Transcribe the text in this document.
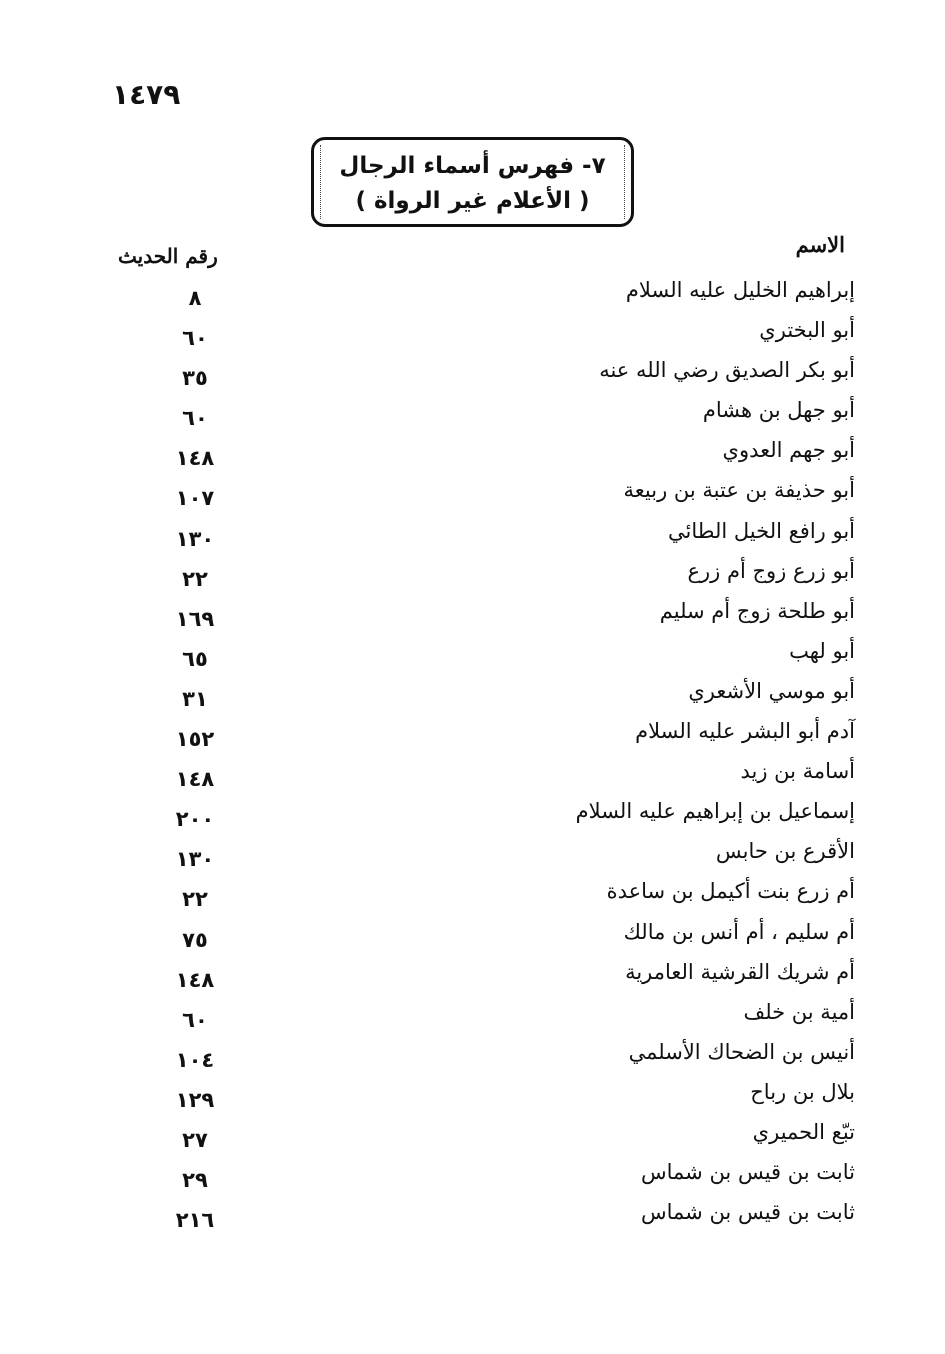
١٤٧٩
٧- فهرس أسماء الرجال
( الأعلام غير الرواة )
الاسم
رقم الحديث
إبراهيم الخليل عليه السلام
٨
أبو البختري
٦٠
أبو بكر الصديق رضي الله عنه
٣٥
أبو جهل بن هشام
٦٠
أبو جهم العدوي
١٤٨
أبو حذيفة بن عتبة بن ربيعة
١٠٧
أبو رافع الخيل الطائي
١٣٠
أبو زرع زوج أم زرع
٢٢
أبو طلحة زوج أم سليم
١٦٩
أبو لهب
٦٥
أبو موسي الأشعري
٣١
آدم أبو البشر عليه السلام
١٥٢
أسامة بن زيد
١٤٨
إسماعيل بن إبراهيم عليه السلام
٢٠٠
الأقرع بن حابس
١٣٠
أم زرع بنت أكيمل بن ساعدة
٢٢
أم سليم ، أم أنس بن مالك
٧٥
أم شريك القرشية العامرية
١٤٨
أمية بن خلف
٦٠
أنيس بن الضحاك الأسلمي
١٠٤
بلال بن رباح
١٢٩
تبّع الحميري
٢٧
ثابت بن قيس بن شماس
٢٩
ثابت بن قيس بن شماس
٢١٦
